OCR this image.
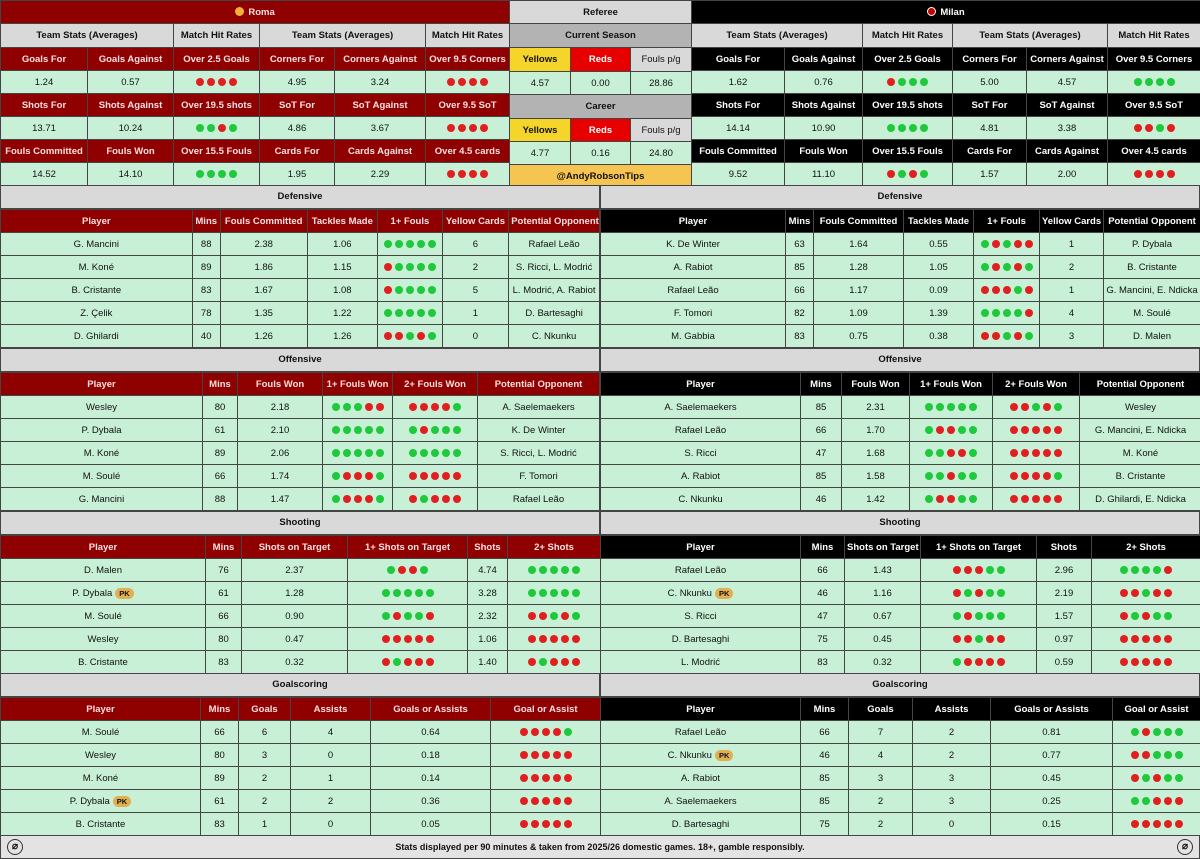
Roma					
Team Stats (Averages)		Match Hit Rates	Team Stats (Averages)		Match Hit Rates
Goals For	Goals Against	Over 2.5 Goals	Corners For	Corners Against	Over 9.5 Corners
1.24	0.57		4.95	3.24	
Shots For	Shots Against	Over 19.5 shots	SoT For	SoT Against	Over 9.5 SoT
13.71	10.24		4.86	3.67	
Fouls Committed	Fouls Won	Over 15.5 Fouls	Cards For	Cards Against	Over 4.5 cards
14.52	14.10		1.95	2.29	
Referee		
Current Season		
Yellows	Reds	Fouls p/g
4.57	0.00	28.86
Career		
Yellows	Reds	Fouls p/g
4.77	0.16	24.80
@AndyRobsonTips		
Milan					
Team Stats (Averages)		Match Hit Rates	Team Stats (Averages)		Match Hit Rates
Goals For	Goals Against	Over 2.5 Goals	Corners For	Corners Against	Over 9.5 Corners
1.62	0.76		5.00	4.57	
Shots For	Shots Against	Over 19.5 shots	SoT For	SoT Against	Over 9.5 SoT
14.14	10.90		4.81	3.38	
Fouls Committed	Fouls Won	Over 15.5 Fouls	Cards For	Cards Against	Over 4.5 cards
9.52	11.10		1.57	2.00	
Defensive
Player	Mins	Fouls Committed	Tackles Made	1+ Fouls	Yellow Cards	Potential Opponent
G. Mancini	88	2.38	1.06		6	Rafael Leão
M. Koné	89	1.86	1.15		2	S. Ricci, L. Modrić
B. Cristante	83	1.67	1.08		5	L. Modrić, A. Rabiot
Z. Çelik	78	1.35	1.22		1	D. Bartesaghi
D. Ghilardi	40	1.26	1.26		0	C. Nkunku
Defensive
Player	Mins	Fouls Committed	Tackles Made	1+ Fouls	Yellow Cards	Potential Opponent
K. De Winter	63	1.64	0.55		1	P. Dybala
A. Rabiot	85	1.28	1.05		2	B. Cristante
Rafael Leão	66	1.17	0.09		1	G. Mancini, E. Ndicka
F. Tomori	82	1.09	1.39		4	M. Soulé
M. Gabbia	83	0.75	0.38		3	D. Malen
Offensive
Player	Mins	Fouls Won	1+ Fouls Won	2+ Fouls Won	Potential Opponent
Wesley	80	2.18			A. Saelemaekers
P. Dybala	61	2.10			K. De Winter
M. Koné	89	2.06			S. Ricci, L. Modrić
M. Soulé	66	1.74			F. Tomori
G. Mancini	88	1.47			Rafael Leão
Offensive
Player	Mins	Fouls Won	1+ Fouls Won	2+ Fouls Won	Potential Opponent
A. Saelemaekers	85	2.31			Wesley
Rafael Leão	66	1.70			G. Mancini, E. Ndicka
S. Ricci	47	1.68			M. Koné
A. Rabiot	85	1.58			B. Cristante
C. Nkunku	46	1.42			D. Ghilardi, E. Ndicka
Shooting
Player	Mins	Shots on Target	1+ Shots on Target	Shots	2+ Shots
D. Malen	76	2.37		4.74	
P. Dybala PK	61	1.28		3.28	
M. Soulé	66	0.90		2.32	
Wesley	80	0.47		1.06	
B. Cristante	83	0.32		1.40	
Shooting
Player	Mins	Shots on Target	1+ Shots on Target	Shots	2+ Shots
Rafael Leão	66	1.43		2.96	
C. Nkunku PK	46	1.16		2.19	
S. Ricci	47	0.67		1.57	
D. Bartesaghi	75	0.45		0.97	
L. Modrić	83	0.32		0.59	
Goalscoring
Player	Mins	Goals	Assists	Goals or Assists	Goal or Assist
M. Soulé	66	6	4	0.64	
Wesley	80	3	0	0.18	
M. Koné	89	2	1	0.14	
P. Dybala PK	61	2	2	0.36	
B. Cristante	83	1	0	0.05	
Goalscoring
Player	Mins	Goals	Assists	Goals or Assists	Goal or Assist
Rafael Leão	66	7	2	0.81	
C. Nkunku PK	46	4	2	0.77	
A. Rabiot	85	3	3	0.45	
A. Saelemaekers	85	2	3	0.25	
D. Bartesaghi	75	2	0	0.15	
⌀	Stats displayed per 90 minutes & taken from 2025/26 domestic games. 18+, gamble responsibly.	⌀
